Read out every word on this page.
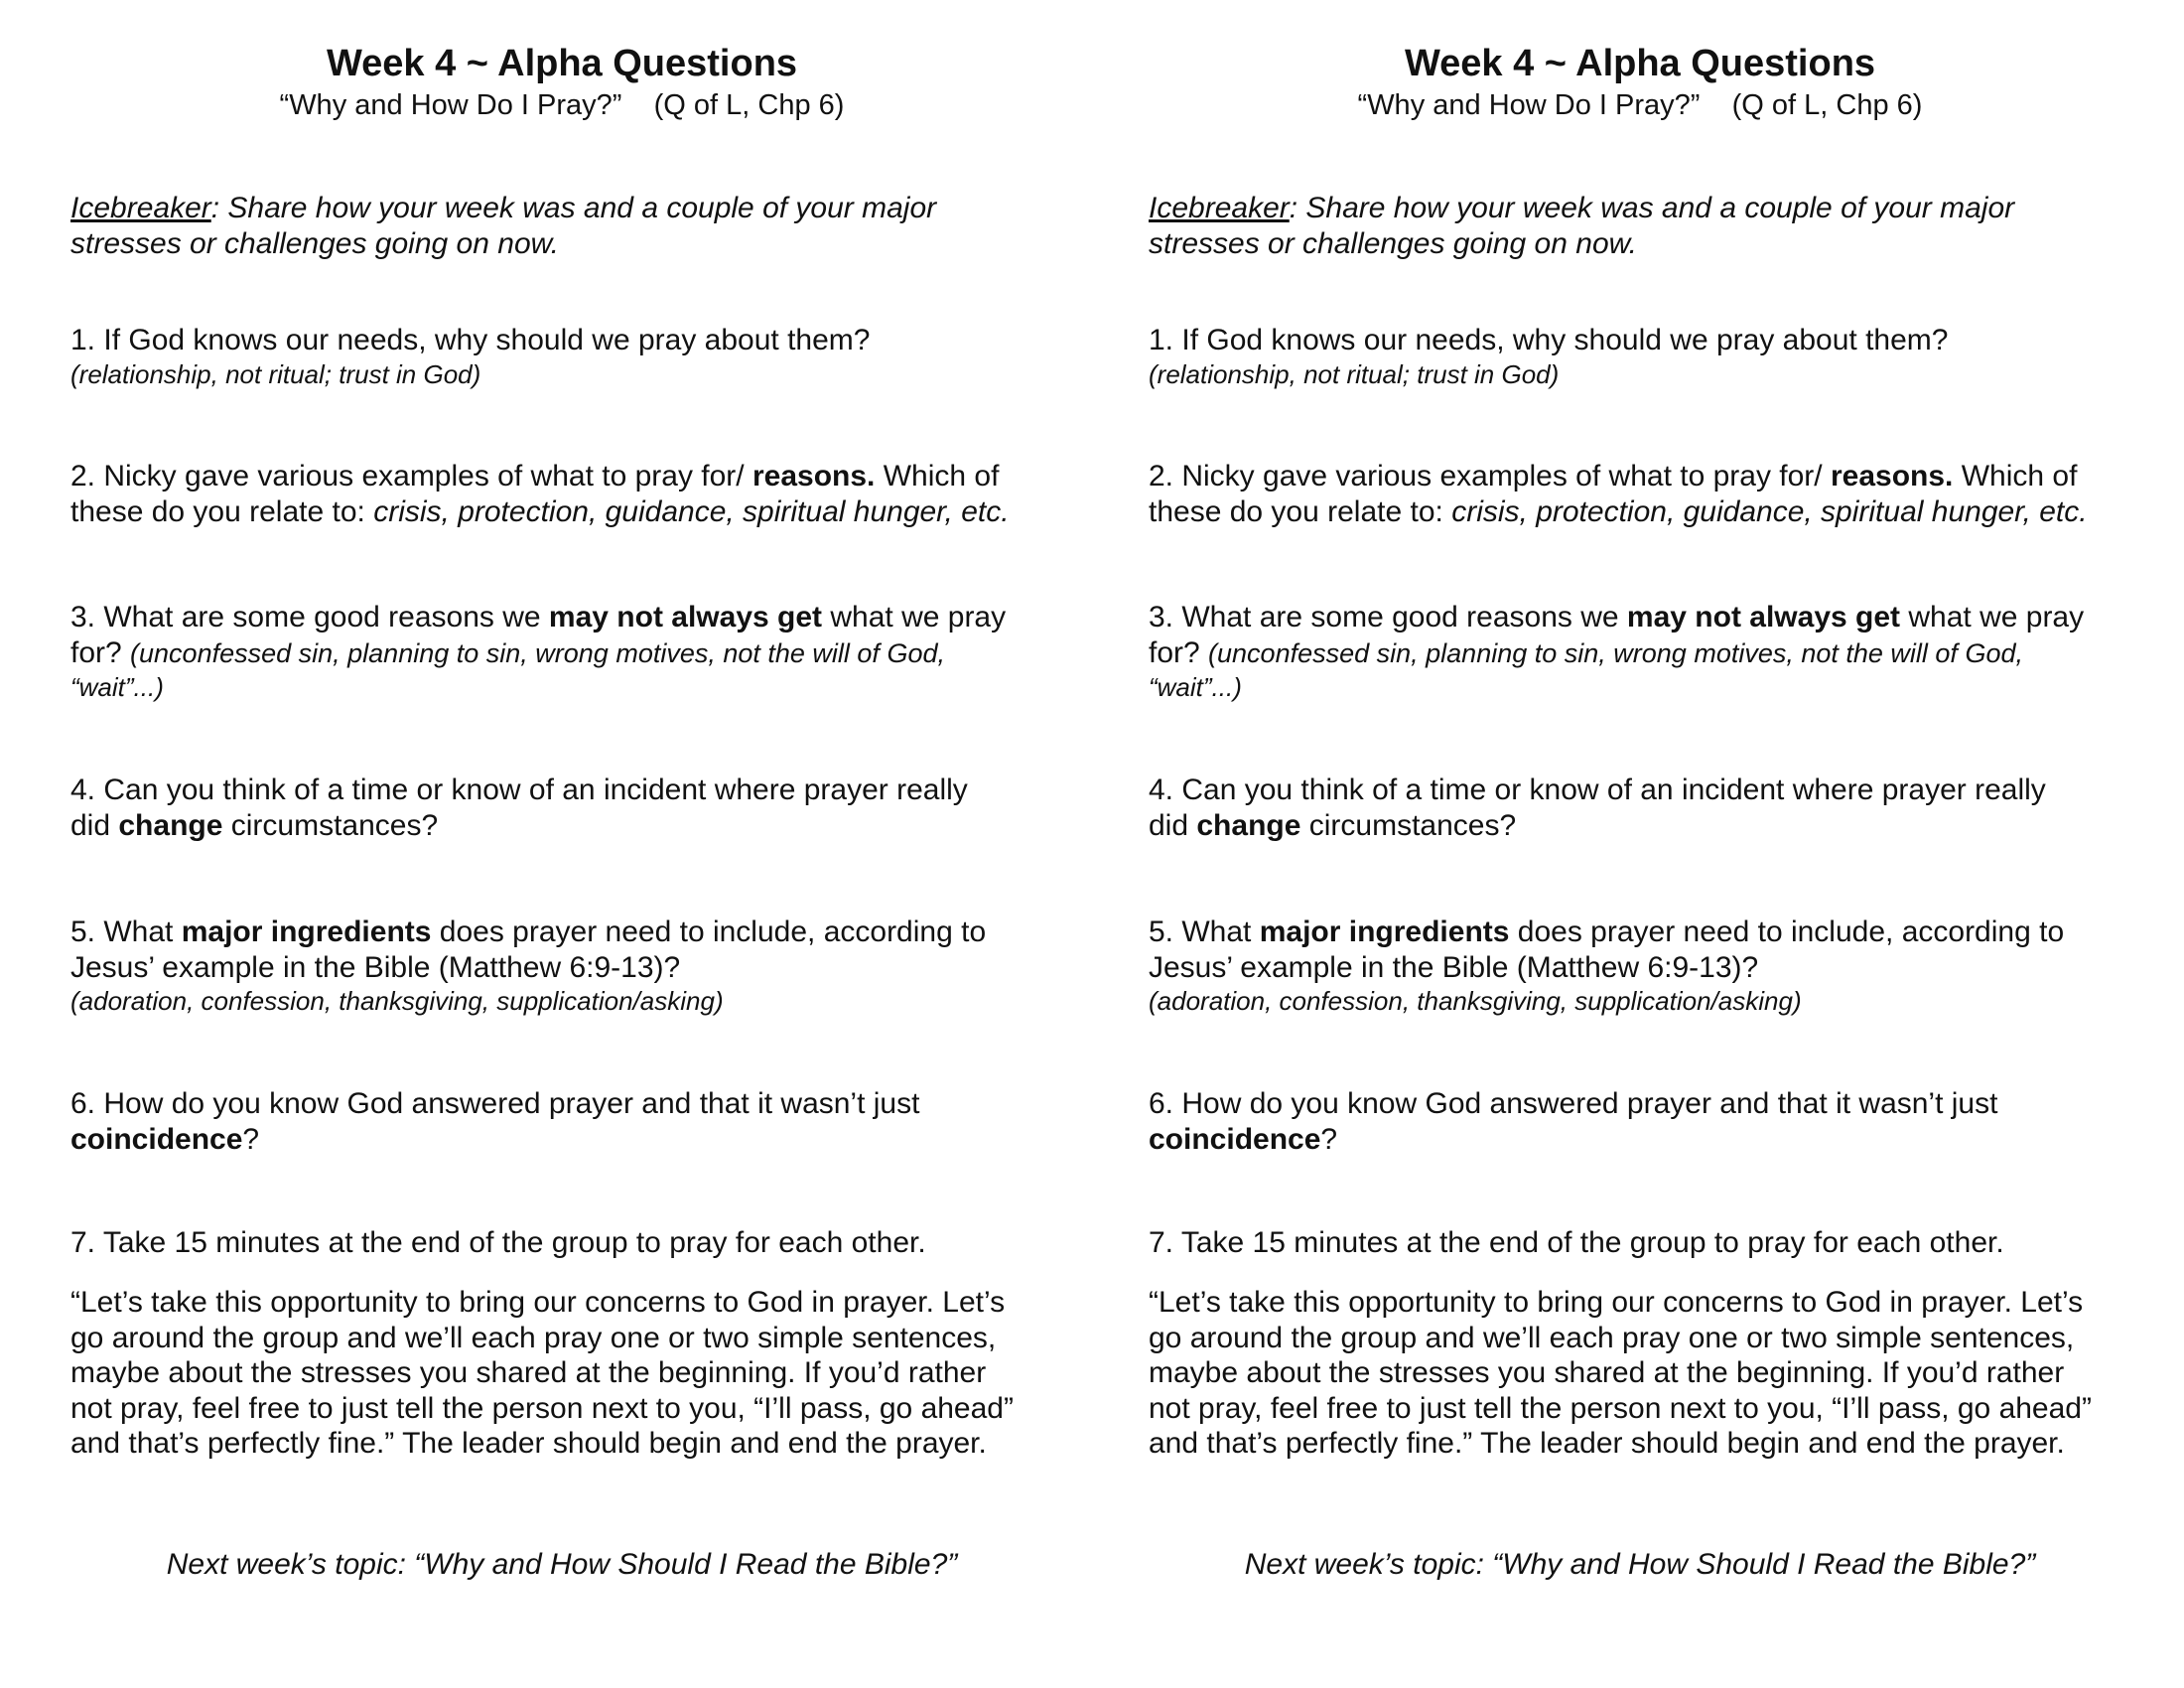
Week 4 ~ Alpha Questions
“Why and How Do I Pray?”    (Q of L, Chp 6)
Icebreaker: Share how your week was and a couple of your major
stresses or challenges going on now.
1. If God knows our needs, why should we pray about them?
(relationship, not ritual; trust in God)
2. Nicky gave various examples of what to pray for/ reasons. Which of
these do you relate to: crisis, protection, guidance, spiritual hunger, etc.
3. What are some good reasons we may not always get what we pray
for? (unconfessed sin, planning to sin, wrong motives, not the will of God,
“wait”...)
4. Can you think of a time or know of an incident where prayer really
did change circumstances?
5. What major ingredients does prayer need to include, according to
Jesus’ example in the Bible (Matthew 6:9-13)?
(adoration, confession, thanksgiving, supplication/asking)
6. How do you know God answered prayer and that it wasn’t just
coincidence?
7. Take 15 minutes at the end of the group to pray for each other.
“Let’s take this opportunity to bring our concerns to God in prayer. Let’s
go around the group and we’ll each pray one or two simple sentences,
maybe about the stresses you shared at the beginning. If you’d rather
not pray, feel free to just tell the person next to you, “I’ll pass, go ahead”
and that’s perfectly fine.” The leader should begin and end the prayer.
Next week’s topic: “Why and How Should I Read the Bible?”
Week 4 ~ Alpha Questions
“Why and How Do I Pray?”    (Q of L, Chp 6)
Icebreaker: Share how your week was and a couple of your major
stresses or challenges going on now.
1. If God knows our needs, why should we pray about them?
(relationship, not ritual; trust in God)
2. Nicky gave various examples of what to pray for/ reasons. Which of
these do you relate to: crisis, protection, guidance, spiritual hunger, etc.
3. What are some good reasons we may not always get what we pray
for? (unconfessed sin, planning to sin, wrong motives, not the will of God,
“wait”...)
4. Can you think of a time or know of an incident where prayer really
did change circumstances?
5. What major ingredients does prayer need to include, according to
Jesus’ example in the Bible (Matthew 6:9-13)?
(adoration, confession, thanksgiving, supplication/asking)
6. How do you know God answered prayer and that it wasn’t just
coincidence?
7. Take 15 minutes at the end of the group to pray for each other.
“Let’s take this opportunity to bring our concerns to God in prayer. Let’s
go around the group and we’ll each pray one or two simple sentences,
maybe about the stresses you shared at the beginning. If you’d rather
not pray, feel free to just tell the person next to you, “I’ll pass, go ahead”
and that’s perfectly fine.” The leader should begin and end the prayer.
Next week’s topic: “Why and How Should I Read the Bible?”
